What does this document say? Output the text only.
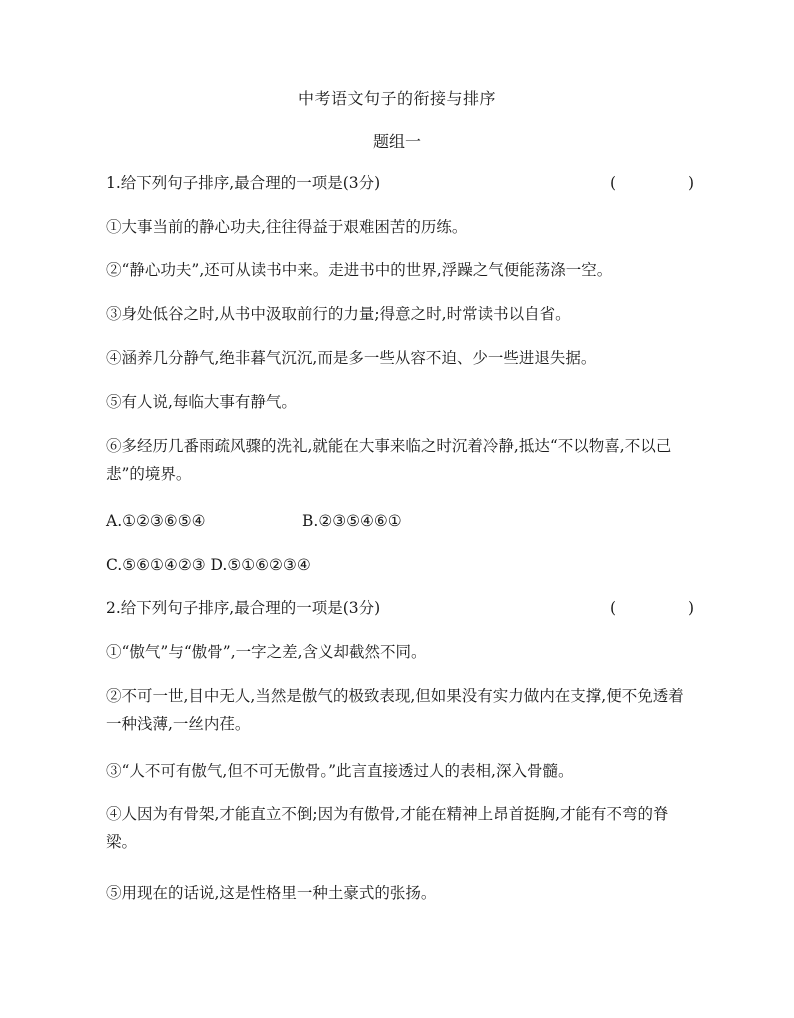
中考语文句子的衔接与排序
题组一
1.给下列句子排序,最合理的一项是(3分)	(	)
①大事当前的静心功夫,往往得益于艰难困苦的历练。
②“静心功夫”,还可从读书中来。走进书中的世界,浮躁之气便能荡涤一空。
③身处低谷之时,从书中汲取前行的力量;得意之时,时常读书以自省。
④涵养几分静气,绝非暮气沉沉,而是多一些从容不迫、少一些进退失据。
⑤有人说,每临大事有静气。
⑥多经历几番雨疏风骤的洗礼,就能在大事来临之时沉着冷静,抵达“不以物喜,不以己悲”的境界。
A.①②③⑥⑤④	B.②③⑤④⑥①
C.⑤⑥①④②③ D.⑤①⑥②③④
2.给下列句子排序,最合理的一项是(3分)	(	)
①“傲气”与“傲骨”,一字之差,含义却截然不同。
②不可一世,目中无人,当然是傲气的极致表现,但如果没有实力做内在支撑,便不免透着一种浅薄,一丝内荏。
③“人不可有傲气,但不可无傲骨。”此言直接透过人的表相,深入骨髓。
④人因为有骨架,才能直立不倒;因为有傲骨,才能在精神上昂首挺胸,才能有不弯的脊梁。
⑤用现在的话说,这是性格里一种土豪式的张扬。
